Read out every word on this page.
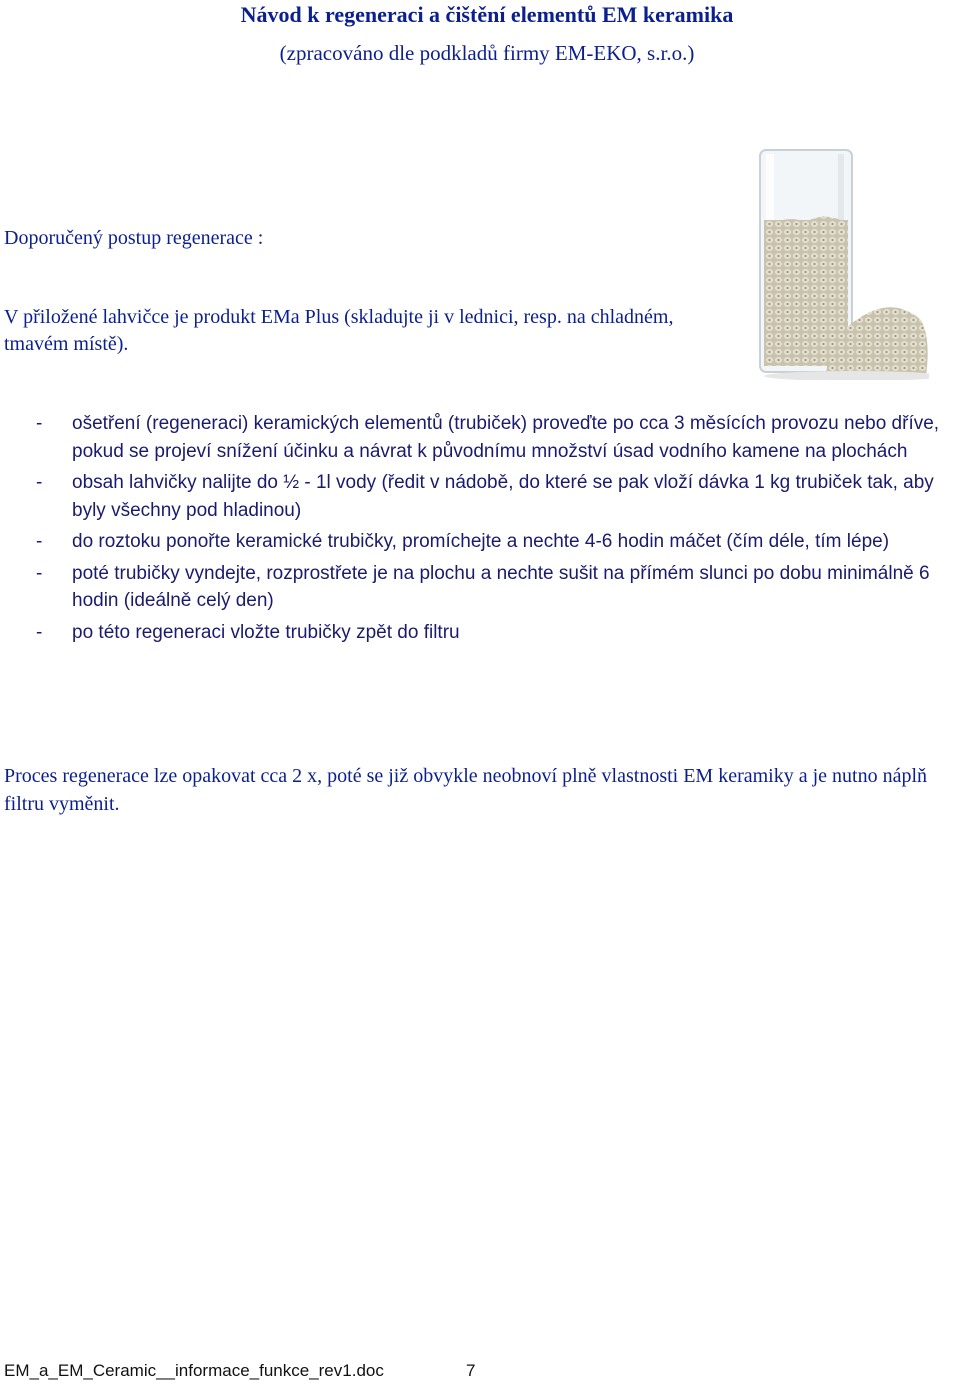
Návod k regeneraci a čištění elementů EM keramika
(zpracováno dle podkladů firmy EM-EKO, s.r.o.)
Doporučený postup regenerace :
V přiložené lahvičce je produkt EMa Plus (skladujte ji v lednici, resp. na chladném, tmavém místě).
- ošetření (regeneraci) keramických elementů (trubiček) proveďte po cca 3 měsících provozu nebo dříve, pokud se projeví snížení účinku a návrat k původnímu množství úsad vodního kamene na plochách
- obsah lahvičky nalijte do ½ - 1l vody (ředit v nádobě, do které se pak vloží dávka 1 kg trubiček tak, aby byly všechny pod hladinou)
- do roztoku ponořte keramické trubičky, promíchejte a nechte 4-6 hodin máčet (čím déle, tím lépe)
- poté trubičky vyndejte, rozprostřete je na plochu a nechte sušit na přímém slunci po dobu minimálně 6 hodin (ideálně celý den)
- po této regeneraci vložte trubičky zpět do filtru
Proces regenerace lze opakovat cca 2 x, poté se již obvykle neobnoví plně vlastnosti EM keramiky a je nutno náplň filtru vyměnit.
EM_a_EM_Ceramic__informace_funkce_rev1.doc	7
